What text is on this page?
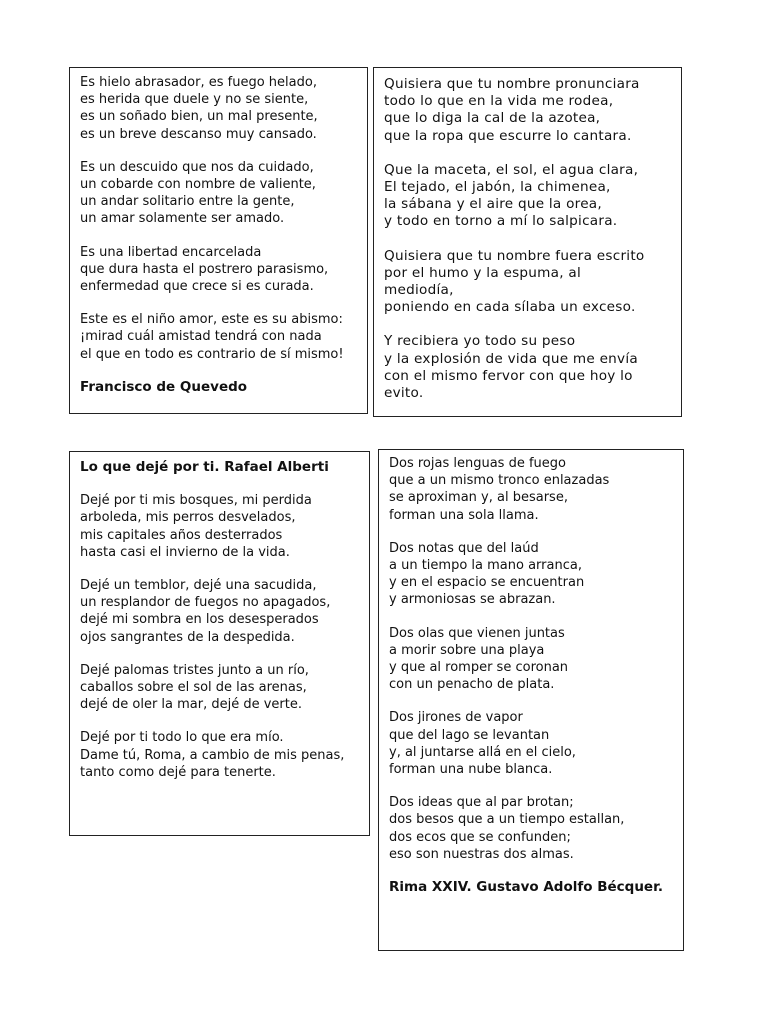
Es hielo abrasador, es fuego helado,
es herida que duele y no se siente,
es un soñado bien, un mal presente,
es un breve descanso muy cansado.
Es un descuido que nos da cuidado,
un cobarde con nombre de valiente,
un andar solitario entre la gente,
un amar solamente ser amado.
Es una libertad encarcelada
que dura hasta el postrero parasismo,
enfermedad que crece si es curada.
Este es el niño amor, este es su abismo:
¡mirad cuál amistad tendrá con nada
el que en todo es contrario de sí mismo!
Francisco de Quevedo
Quisiera que tu nombre pronunciara
todo lo que en la vida me rodea,
que lo diga la cal de la azotea,
que la ropa que escurre lo cantara.
Que la maceta, el sol, el agua clara,
El tejado, el jabón, la chimenea,
la sábana y el aire que la orea,
y todo en torno a mí lo salpicara.
Quisiera que tu nombre fuera escrito
por el humo y la espuma, al
mediodía,
poniendo en cada sílaba un exceso.
Y recibiera yo todo su peso
y la explosión de vida que me envía
con el mismo fervor con que hoy lo
evito.
Lo que dejé por ti. Rafael Alberti
Dejé por ti mis bosques, mi perdida
arboleda, mis perros desvelados,
mis capitales años desterrados
hasta casi el invierno de la vida.
Dejé un temblor, dejé una sacudida,
un resplandor de fuegos no apagados,
dejé mi sombra en los desesperados
ojos sangrantes de la despedida.
Dejé palomas tristes junto a un río,
caballos sobre el sol de las arenas,
dejé de oler la mar, dejé de verte.
Dejé por ti todo lo que era mío.
Dame tú, Roma, a cambio de mis penas,
tanto como dejé para tenerte.
Dos rojas lenguas de fuego
que a un mismo tronco enlazadas
se aproximan y, al besarse,
forman una sola llama.
Dos notas que del laúd
a un tiempo la mano arranca,
y en el espacio se encuentran
y armoniosas se abrazan.
Dos olas que vienen juntas
a morir sobre una playa
y que al romper se coronan
con un penacho de plata.
Dos jirones de vapor
que del lago se levantan
y, al juntarse allá en el cielo,
forman una nube blanca.
Dos ideas que al par brotan;
dos besos que a un tiempo estallan,
dos ecos que se confunden;
eso son nuestras dos almas.
Rima XXIV. Gustavo Adolfo Bécquer.
